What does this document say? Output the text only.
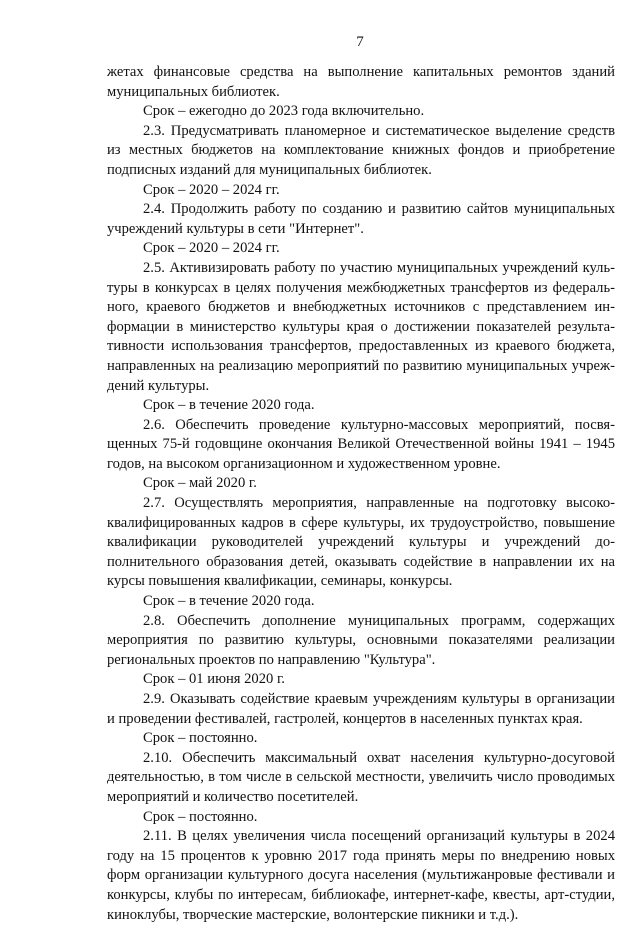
7

жетах финансовые средства на выполнение капитальных ремонтов зданий муниципальных библиотек.

Срок – ежегодно до 2023 года включительно.

2.3. Предусматривать планомерное и систематическое выделение средств из местных бюджетов на комплектование книжных фондов и приобретение подписных изданий для муниципальных библиотек.

Срок – 2020 – 2024 гг.

2.4. Продолжить работу по созданию и развитию сайтов муниципальных учреждений культуры в сети "Интернет".

Срок – 2020 – 2024 гг.

2.5. Активизировать работу по участию муниципальных учреждений культуры в конкурсах в целях получения межбюджетных трансфертов из федерального, краевого бюджетов и внебюджетных источников с представлением информации в министерство культуры края о достижении показателей результативности использования трансфертов, предоставленных из краевого бюджета, направленных на реализацию мероприятий по развитию муниципальных учреждений культуры.

Срок – в течение 2020 года.

2.6. Обеспечить проведение культурно-массовых мероприятий, посвященных 75-й годовщине окончания Великой Отечественной войны 1941 – 1945 годов, на высоком организационном и художественном уровне.

Срок – май 2020 г.

2.7. Осуществлять мероприятия, направленные на подготовку высококвалифицированных кадров в сфере культуры, их трудоустройство, повышение квалификации руководителей учреждений культуры и учреждений дополнительного образования детей, оказывать содействие в направлении их на курсы повышения квалификации, семинары, конкурсы.

Срок – в течение 2020 года.

2.8. Обеспечить дополнение муниципальных программ, содержащих мероприятия по развитию культуры, основными показателями реализации региональных проектов по направлению "Культура".

Срок – 01 июня 2020 г.

2.9. Оказывать содействие краевым учреждениям культуры в организации и проведении фестивалей, гастролей, концертов в населенных пунктах края.

Срок – постоянно.

2.10. Обеспечить максимальный охват населения культурно-досуговой деятельностью, в том числе в сельской местности, увеличить число проводимых мероприятий и количество посетителей.

Срок – постоянно.

2.11. В целях увеличения числа посещений организаций культуры в 2024 году на 15 процентов к уровню 2017 года принять меры по внедрению новых форм организации культурного досуга населения (мультижанровые фестивали и конкурсы, клубы по интересам, библиокафе, интернет-кафе, квесты, арт-студии, киноклубы, творческие мастерские, волонтерские пикники и т.д.).
